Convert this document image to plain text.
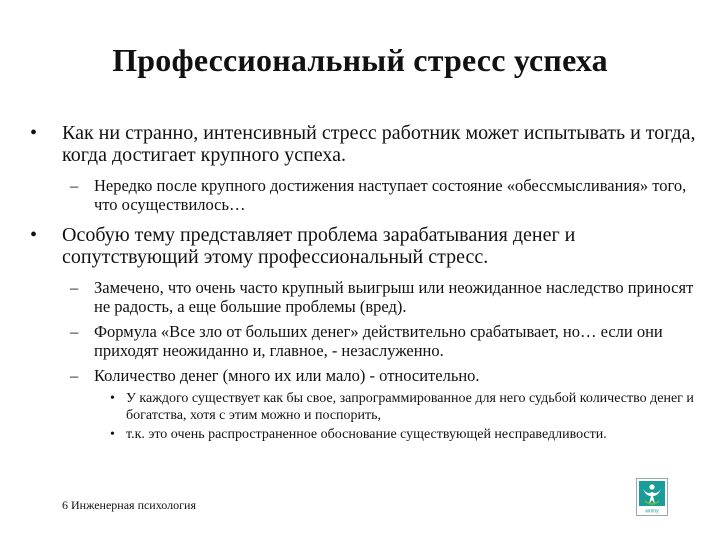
Профессиональный стресс успеха
• Как ни странно, интенсивный стресс работник может испытывать и тогда, когда достигает крупного успеха.
– Нередко после крупного достижения наступает состояние «обессмысливания» того, что осуществилось…
• Особую тему представляет проблема зарабатывания денег и сопутствующий этому профессиональный стресс.
– Замечено, что очень часто крупный выигрыш или неожиданное наследство приносят не радость, а еще большие проблемы (вред).
– Формула «Все зло от больших денег» действительно срабатывает, но… если они приходят неожиданно и, главное, - незаслуженно.
– Количество денег (много их или мало) - относительно.
• У каждого существует как бы свое, запрограммированное для него судьбой количество денег и богатства, хотя с этим можно и поспорить,
• т.к. это очень распространенное обоснование существующей несправедливости.
6 Инженерная психология	мгппу
